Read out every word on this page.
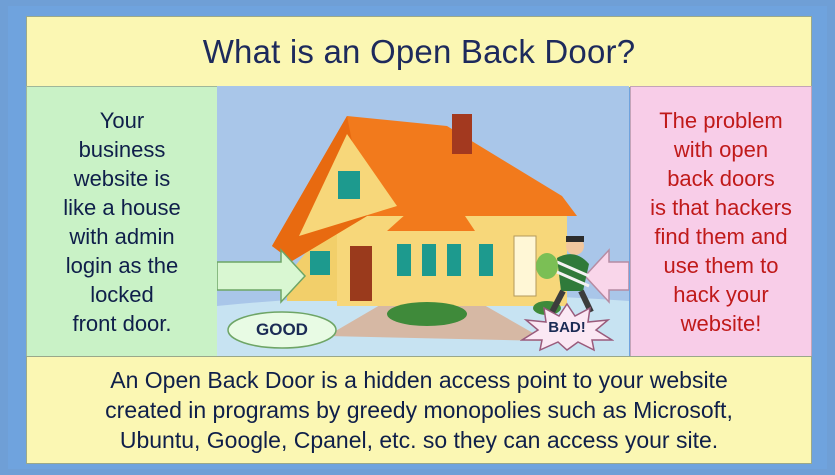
What is an Open Back Door?
Your
business
website is
like a house
with admin
login as the
locked
front door.	GOOD	BAD!
The problem
with open
back doors
is that hackers
find them and
use them to
hack your
website!
An Open Back Door is a hidden access point to your website
created in programs by greedy monopolies such as Microsoft,
Ubuntu, Google, Cpanel, etc. so they can access your site.
